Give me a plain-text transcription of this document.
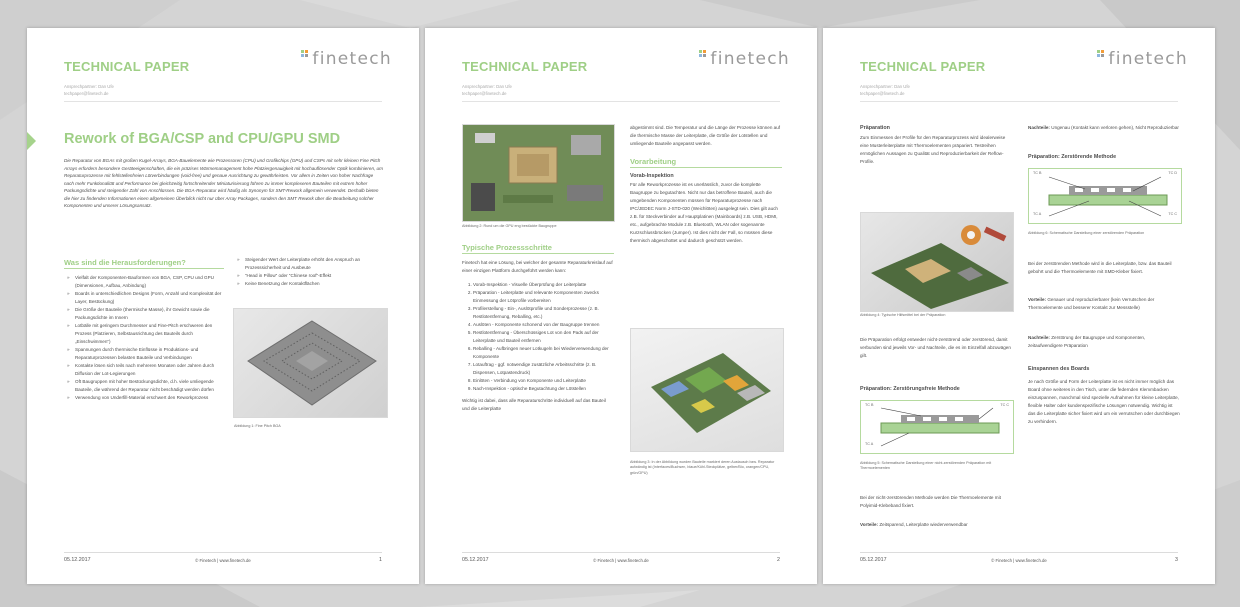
TECHNICAL PAPER
Ansprechpartner: Dan Ufe
techpaper@finetech.de
finetech
Rework of BGA/CSP and CPU/GPU SMD

Die Reparatur von BGAs mit großen Kugel-Arrays, BGA-Bauelemente wie Prozessoren (CPU) und Grafikchips (GPU) und CSPs mit sehr kleinen Fine Pitch Arrays erfordern besondere Geräteeigenschaften, die ein präzises Wärmemanagement hohe Platziergenauigkeit mit hochauflösender Optik kombinieren, um Reparaturprozesse mit fehlstellenfreien Lötverbindungen (void-free) und genaue Ausrichtung zu gewährleisten. Vor allem in Zeiten von hoher Nachfrage nach mehr Funktionalität und Performance bei gleichzeitig fortschreitender Miniaturisierung führen zu immer komplexeren Bauteilen mit extrem hoher Packungsdichte und steigender Zahl von Anschlüssen. Die BGA-Reparatur wird häufig als Synonym für SMT-Rework allgemein verwendet. Deshalb bieten die hier zu findenden Informationen einen allgemeinen Überblick nicht nur über Array Packages, sondern den SMT Rework über die Bearbeitung solcher Komponenten und unserer Lösungsansatz.

Was sind die Herausforderungen?
» Vielfalt der Komponenten-Bauformen von BGA, CSP, CPU und GPU (Dimensionen, Aufbau, Anbindung)
» Boards in unterschiedlichen Designs (Form, Anzahl und Komplexität der Layer, Bestückung)
» Die Größe der Bauteile (thermische Masse), ihr Gewicht sowie die Packungsdichte im Innern
» Lotbälle mit geringem Durchmesser und Fine-Pitch erschweren den Prozess (Platzieren, Selbstausrichtung des Bauteils durch „Einschwimmen“)
» Spannungen durch thermische Einflüsse in Produktions- und Reparaturprozessen belasten Bauteile und Verbindungen
» Kontakte lösen sich teils nach mehreren Monaten oder Jahren durch Diffusion der Lot-Legierungen
» Oft Baugruppen mit hoher Bestückungsdichte, d.h. viele umliegende Bauteile, die während der Reparatur nicht beschädigt werden dürfen
» Verwendung von Underfill-Material erschwert den Reworkprozess
» Steigender Wert der Leiterplatte erhöht den Anspruch an Prozesssicherheit und Ausbeute
» “Head in Pillow” oder “Chinese roof”-Effekt
» Keine Benetzung der Kontaktflächen
Abbildung 1: Fine Pitch BGA
05.12.2017	© Finetech | www.finetech.de	1
TECHNICAL PAPER
Ansprechpartner: Dan Ufe
techpaper@finetech.de
finetech
Abbildung 2: Rund um die GPU eng bestückte Baugruppe
Typische Prozessschritte
Finetech hat eine Lösung, bei welcher der gesamte Reparaturkreislauf auf einer einzigen Plattform durchgeführt werden kann:
1. Vorab-Inspektion - Visuelle Überprüfung der Leiterplatte
2. Präparation - Leiterplatte und relevante Komponenten zwecks Einmessung der Lötprofile vorbereiten
3. Profilerstellung - Ein-, Auslötprofile und Sonderprozesse (z. B. Restlotentfernung, Reballing, etc.)
4. Auslöten - Komponente schonend von der Baugruppe trennen
5. Restlotentfernung - Überschüssiges Lot von den Pads auf der Leiterplatte und Bauteil entfernen
6. Reballing - Aufbringen neuer Lotkugeln bei Wiederverwendung der Komponente
7. Lotauftrag - ggf. notwendige zusätzliche Arbeitsschritte (z. B. Dispensen, Lotpastendruck)
8. Einlöten - Verbindung von Komponente und Leiterplatte
9. Nach-Inspektion - optische Begutachtung der Lötstellen
Wichtig ist dabei, dass alle Reparaturschritte individuell auf das Bauteil und die Leiterplatte
abgestimmt sind. Die Temperatur und die Länge der Prozesse können auf die thermische Masse der Leiterplatte, die Größe der Lotstellen und umliegende Bauteile angepasst werden.
Vorarbeitung
Vorab-Inspektion
Für alle Reworkprozesse ist es unerlässlich, zuvor die komplette Baugruppe zu begutachten. Nicht nur das betroffene Bauteil, auch die umgebenden Komponenten müssen für Reparaturprozesse nach IPC/JEDEC Norm J-STD-020 (Weichlöten) ausgelegt sein. Dies gilt auch z.B. für Steckverbinder auf Hauptplatinen (Mainboards) z.B. USB, HDMI, etc., aufgebrachte Module z.B. Bluetooth, WLAN oder sogenannte Kurzschlussbrücken (Jumper). Ist dies nicht der Fall, so müssen diese thermisch abgeschottet und dadurch geschützt werden.
Abbildung 3: In der Abbildung wurden Bauteile markiert deren Austausch bzw. Reparatur aufwändig ist (Interfaces/Buchsen, blaue/Kühl-Steckplätze, gelber/Bio, orangen/CPU, grün/GPU)
05.12.2017	© Finetech | www.finetech.de	2
TECHNICAL PAPER
Ansprechpartner: Dan Ufe
techpaper@finetech.de
finetech
Präparation
Zum Einmessen der Profile für den Reparaturprozess wird idealerweise eine Musterleiterplatte mit Thermoelementen präpariert. Testreihen ermöglichen Aussagen zu Qualität und Reproduzierbarkeit der Reflow-Profile.
Abbildung 4: Typische Hilfsmittel bei der Präparation
Die Präparation erfolgt entweder nicht-zerstörend oder zerstörend, damit verbunden sind jeweils Vor- und Nachteile, die es im Einzelfall abzuwägen gilt.
Präparation: Zerstörungsfreie Methode
TC B	TC C
TC A
Abbildung 5: Schematische Darstellung einer nicht-zerstörenden Präparation mit Thermoelementen
Bei der nicht-zerstörenden Methode werden Die Thermoelemente mit Polyimid-Klebeband fixiert.
Vorteile: Zeitsparend, Leiterplatte wiederverwendbar
Nachteile: Ungenau (Kontakt kann verloren gehen), Nicht Reproduzierbar
Präparation: Zerstörende Methode
TC B	TC D
TC A	TC C
Abbildung 6: Schematische Darstellung einer zerstörenden Präparation
Bei der zerstörenden Methode wird in die Leiterplatte, bzw. das Bauteil gebohrt und die Thermoelemente mit SMD-Kleber fixiert.
Vorteile: Genauer und reproduzierbarer (kein Verrutschen der Thermoelemente und besserer Kontakt zur Messstelle)
Nachteile: Zerstörung der Baugruppe und Komponenten, zeitaufwendigere Präparation
Einspannen des Boards
Je nach Größe und Form der Leiterplatte ist es nicht immer möglich das Board ohne weiteres in den Tisch, unter die federnden Klemmbacken einzuspannen, manchmal sind spezielle Aufnahmen für kleine Leiterplatte, flexible Halter oder kundenspezifische Lösungen notwendig. Wichtig ist das die Leiterplatte sicher fixiert wird um ein verrutschen oder durchbiegen zu verhindern.
05.12.2017	© Finetech | www.finetech.de	3
